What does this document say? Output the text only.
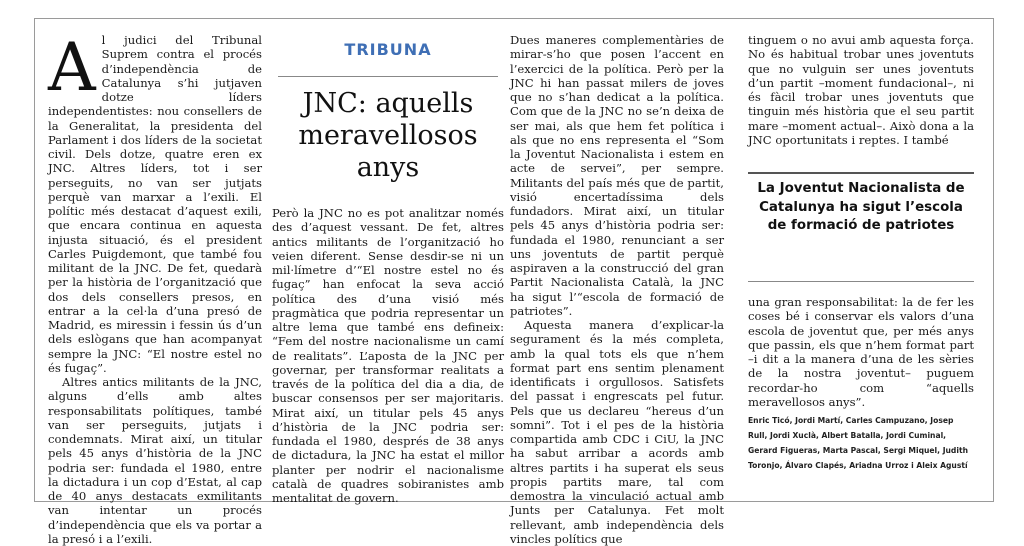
A l judici del Tribunal Suprem contra el procés d’independència de Catalunya s’hi jutjaven dotze líders independentistes: nou consellers de la Generalitat, la presidenta del Parlament i dos líders de la societat civil. Dels dotze, quatre eren ex JNC. Altres líders, tot i ser perseguits, no van ser jutjats perquè van marxar a l’exili. El polític més destacat d’aquest exili, que encara continua en aquesta injusta situació, és el president Carles Puigdemont, que també fou militant de la JNC. De fet, quedarà per la història de l’organització que dos dels consellers presos, en entrar a la cel·la d’una presó de Madrid, es miressin i fessin ús d’un dels eslògans que han acompanyat sempre la JNC: “El nostre estel no és fugaç”.

Altres antics militants de la JNC, alguns d’ells amb altes responsabilitats polítiques, també van ser perseguits, jutjats i condemnats. Mirat així, un titular pels 45 anys d’història de la JNC podria ser: fundada el 1980, entre la dictadura i un cop d’Estat, al cap de 40 anys destacats exmilitants van intentar un procés d’independència que els va portar a la presó i a l’exili.

TRIBUNA
JNC: aquells meravellosos anys

Però la JNC no es pot analitzar només des d’aquest vessant. De fet, altres antics militants de l’organització ho veien diferent. Sense desdir-se ni un mil·límetre d’“El nostre estel no és fugaç” han enfocat la seva acció política des d’una visió més pragmàtica que podria representar un altre lema que també ens defineix: “Fem del nostre nacionalisme un camí de realitats”. L’aposta de la JNC per governar, per transformar realitats a través de la política del dia a dia, de buscar consensos per ser majoritaris. Mirat així, un titular pels 45 anys d’història de la JNC podria ser: fundada el 1980, després de 38 anys de dictadura, la JNC ha estat el millor planter per nodrir el nacionalisme català de quadres sobiranistes amb mentalitat de govern.

Dues maneres complementàries de mirar-s’ho que posen l’accent en l’exercici de la política. Però per la JNC hi han passat milers de joves que no s’han dedicat a la política. Com que de la JNC no se’n deixa de ser mai, als que hem fet política i als que no ens representa el “Som la Joventut Nacionalista i estem en acte de servei”, per sempre. Militants del país més que de partit, visió encertadíssima dels fundadors. Mirat així, un titular pels 45 anys d’història podria ser: fundada el 1980, renunciant a ser uns joventuts de partit perquè aspiraven a la construcció del gran Partit Nacionalista Català, la JNC ha sigut l’“escola de formació de patriotes”.

Aquesta manera d’explicar-la segurament és la més completa, amb la qual tots els que n’hem format part ens sentim plenament identificats i orgullosos. Satisfets del passat i engrescats pel futur. Pels que us declareu “hereus d’un somni”. Tot i el pes de la història compartida amb CDC i CiU, la JNC ha sabut arribar a acords amb altres partits i ha superat els seus propis partits mare, tal com demostra la vinculació actual amb Junts per Catalunya. Fet molt rellevant, amb independència dels vincles polítics que

tinguem o no avui amb aquesta força. No és habitual trobar unes joventuts que no vulguin ser unes joventuts d’un partit –moment fundacional–, ni és fàcil trobar unes joventuts que tinguin més història que el seu partit mare –moment actual–. Això dona a la JNC oportunitats i reptes. I també

La Joventut Nacionalista de Catalunya ha sigut l’escola de formació de patriotes

una gran responsabilitat: la de fer les coses bé i conservar els valors d’una escola de joventut que, per més anys que passin, els que n’hem format part –i dit a la manera d’una de les sèries de la nostra joventut– puguem recordar-ho com “aquells meravellosos anys”.

Enric Ticó, Jordi Martí, Carles Campuzano, Josep Rull, Jordi Xuclà, Albert Batalla, Jordi Cuminal, Gerard Figueras, Marta Pascal, Sergi Miquel, Judith Toronjo, Álvaro Clapés, Ariadna Urroz i Aleix Agustí
